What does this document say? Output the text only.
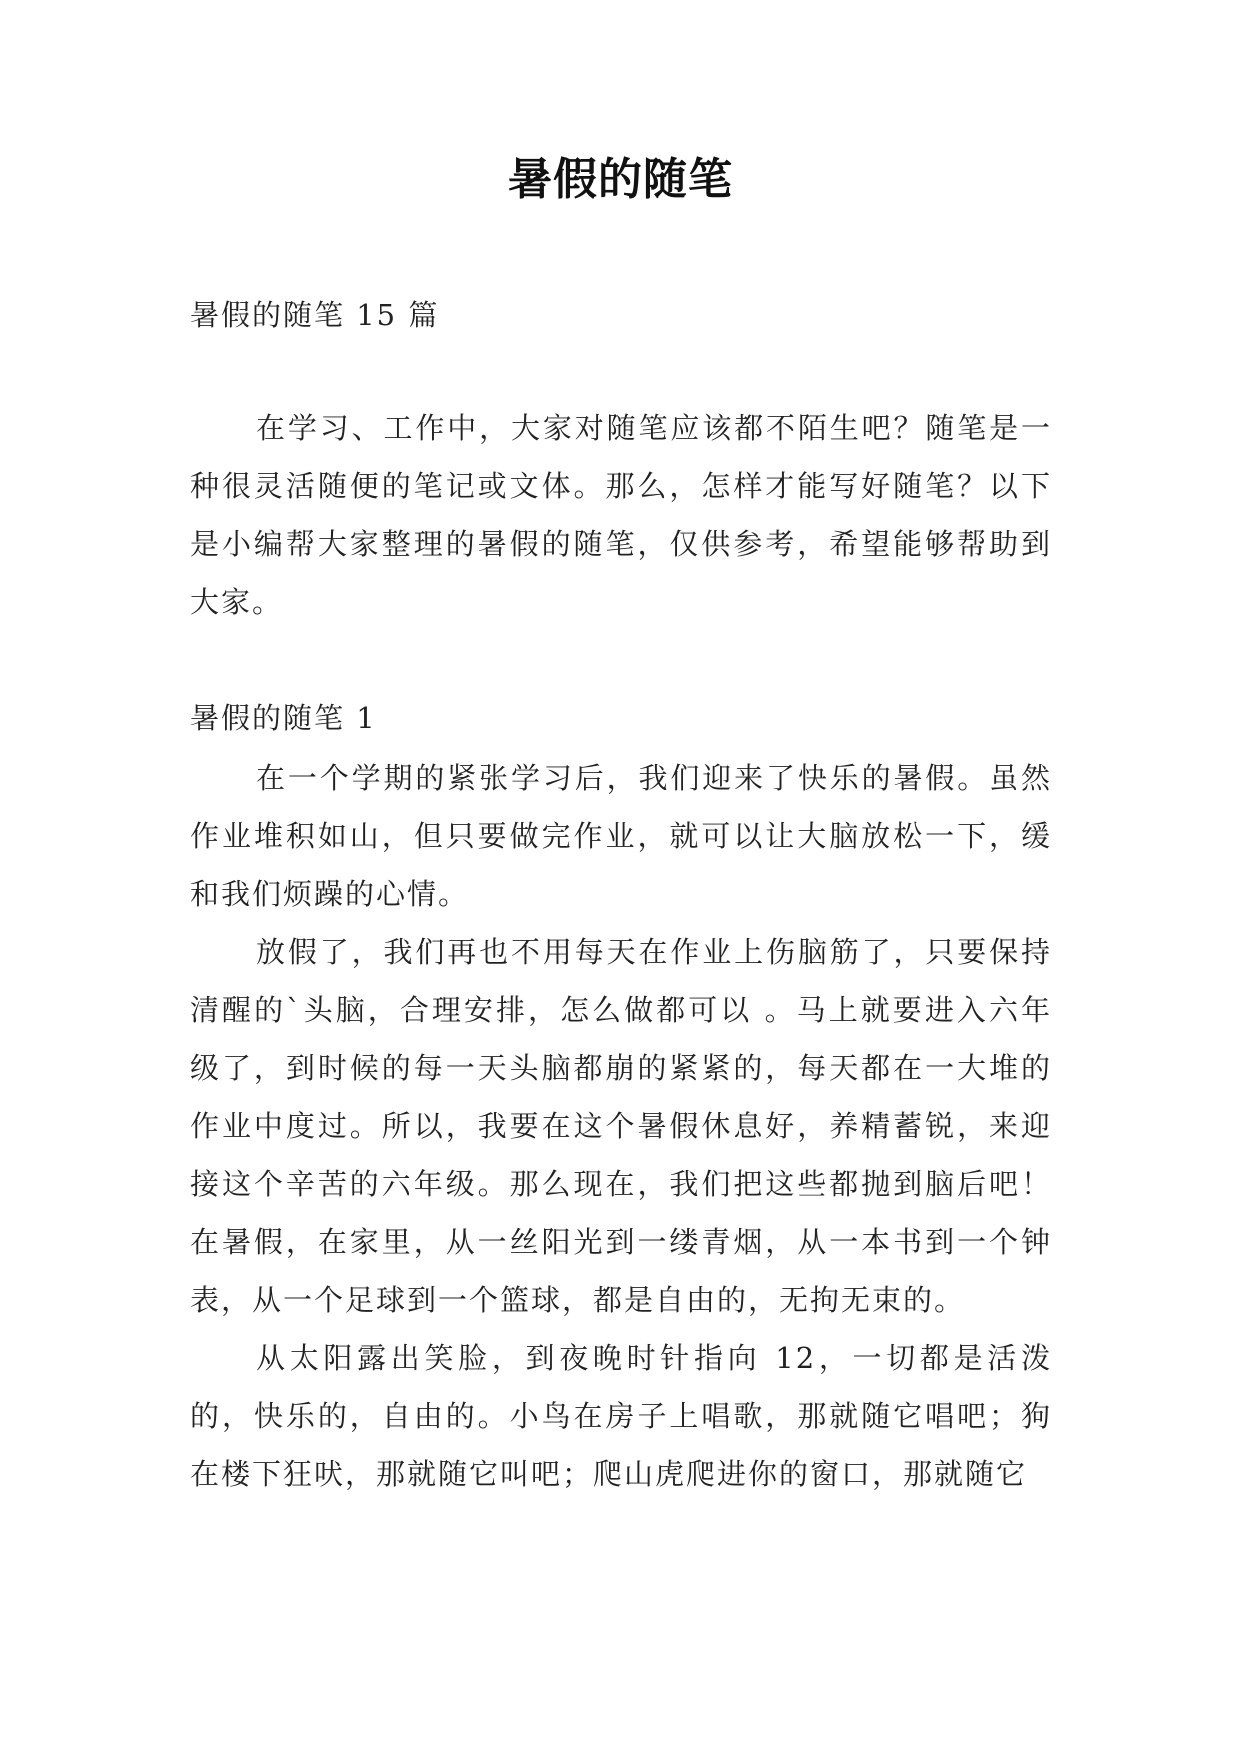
暑假的随笔
暑假的随笔 15 篇

在学习、工作中，大家对随笔应该都不陌生吧？随笔是一种很灵活随便的笔记或文体。那么，怎样才能写好随笔？以下是小编帮大家整理的暑假的随笔，仅供参考，希望能够帮助到大家。

暑假的随笔 1

在一个学期的紧张学习后，我们迎来了快乐的暑假。虽然作业堆积如山，但只要做完作业，就可以让大脑放松一下，缓和我们烦躁的心情。

放假了，我们再也不用每天在作业上伤脑筋了，只要保持清醒的`头脑，合理安排，怎么做都可以 。马上就要进入六年级了，到时候的每一天头脑都崩的紧紧的，每天都在一大堆的作业中度过。所以，我要在这个暑假休息好，养精蓄锐，来迎接这个辛苦的六年级。那么现在，我们把这些都抛到脑后吧！在暑假，在家里，从一丝阳光到一缕青烟，从一本书到一个钟表，从一个足球到一个篮球，都是自由的，无拘无束的。

从太阳露出笑脸，到夜晚时针指向 12，一切都是活泼的，快乐的，自由的。小鸟在房子上唱歌，那就随它唱吧；狗在楼下狂吠，那就随它叫吧；爬山虎爬进你的窗口，那就随它
